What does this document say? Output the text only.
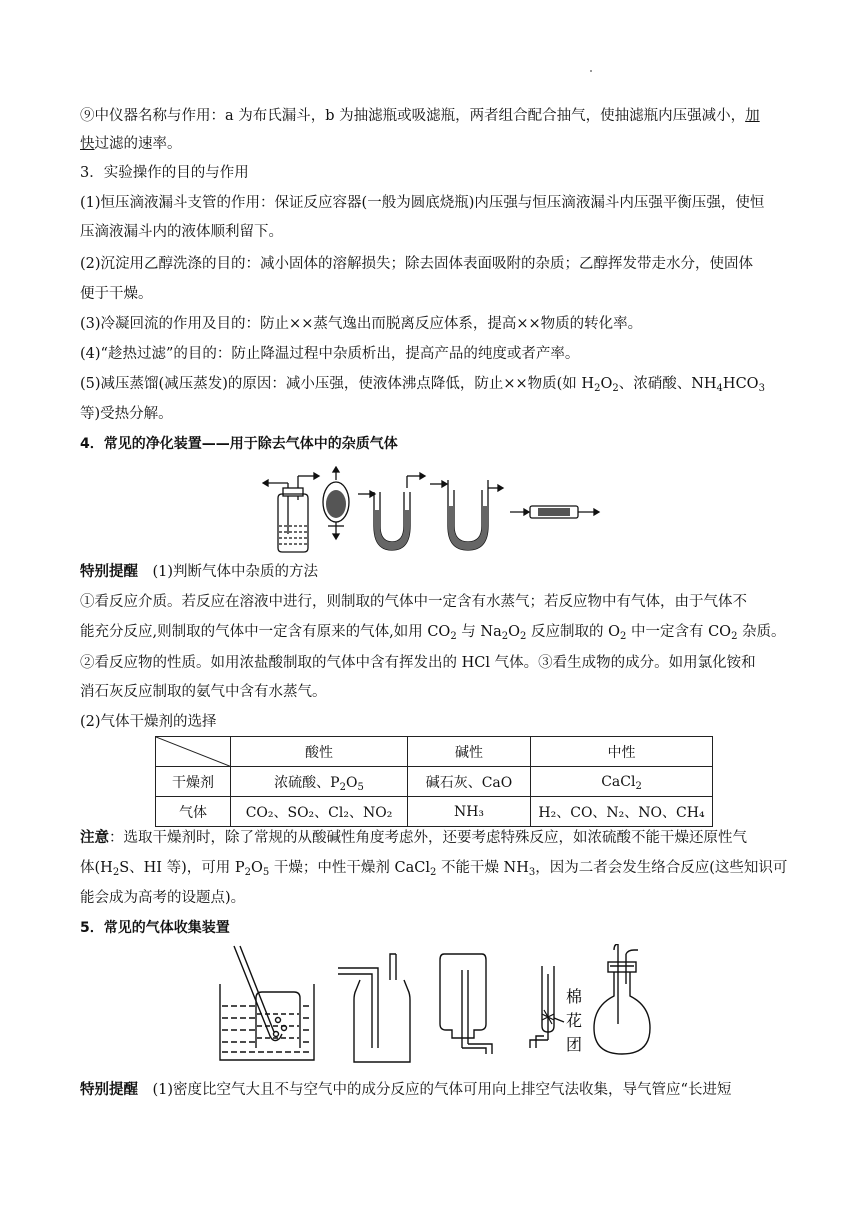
⑨中仪器名称与作用：a 为布氏漏斗，b 为抽滤瓶或吸滤瓶，两者组合配合抽气，使抽滤瓶内压强减小，加
快过滤的速率。
3．实验操作的目的与作用
(1)恒压滴液漏斗支管的作用：保证反应容器(一般为圆底烧瓶)内压强与恒压滴液漏斗内压强平衡压强，使恒
压滴液漏斗内的液体顺利留下。
(2)沉淀用乙醇洗涤的目的：减小固体的溶解损失；除去固体表面吸附的杂质；乙醇挥发带走水分，使固体
便于干燥。
(3)冷凝回流的作用及目的：防止××蒸气逸出而脱离反应体系，提高××物质的转化率。
(4)“趁热过滤”的目的：防止降温过程中杂质析出，提高产品的纯度或者产率。
(5)减压蒸馏(减压蒸发)的原因：减小压强，使液体沸点降低，防止××物质(如 $H_2O_2$、浓硝酸、$NH_4HCO_3$
等)受热分解。
4．常见的净化装置——用于除去气体中的杂质气体
特别提醒　(1)判断气体中杂质的方法
①看反应介质。若反应在溶液中进行，则制取的气体中一定含有水蒸气；若反应物中有气体，由于气体不
能充分反应,则制取的气体中一定含有原来的气体,如用 $CO_2$ 与 $Na_2O_2$ 反应制取的 $O_2$ 中一定含有 $CO_2$ 杂质。
②看反应物的性质。如用浓盐酸制取的气体中含有挥发出的 HCl 气体。③看生成物的成分。如用氯化铵和
消石灰反应制取的氨气中含有水蒸气。
(2)气体干燥剂的选择
	酸性	碱性	中性
干燥剂	浓硫酸、$P_2O_5$	碱石灰、CaO	CaCl$_2$
气体	CO₂、SO₂、Cl₂、NO₂	NH₃	H₂、CO、N₂、NO、CH₄
注意：选取干燥剂时，除了常规的从酸碱性角度考虑外，还要考虑特殊反应，如浓硫酸不能干燥还原性气
体($H_2S$、HI 等)，可用 $P_2O_5$ 干燥；中性干燥剂 CaCl$_2$ 不能干燥 $NH_3$，因为二者会发生络合反应(这些知识可
能会成为高考的设题点)。
5．常见的气体收集装置
棉
花
团
特别提醒　(1)密度比空气大且不与空气中的成分反应的气体可用向上排空气法收集，导气管应“长进短
